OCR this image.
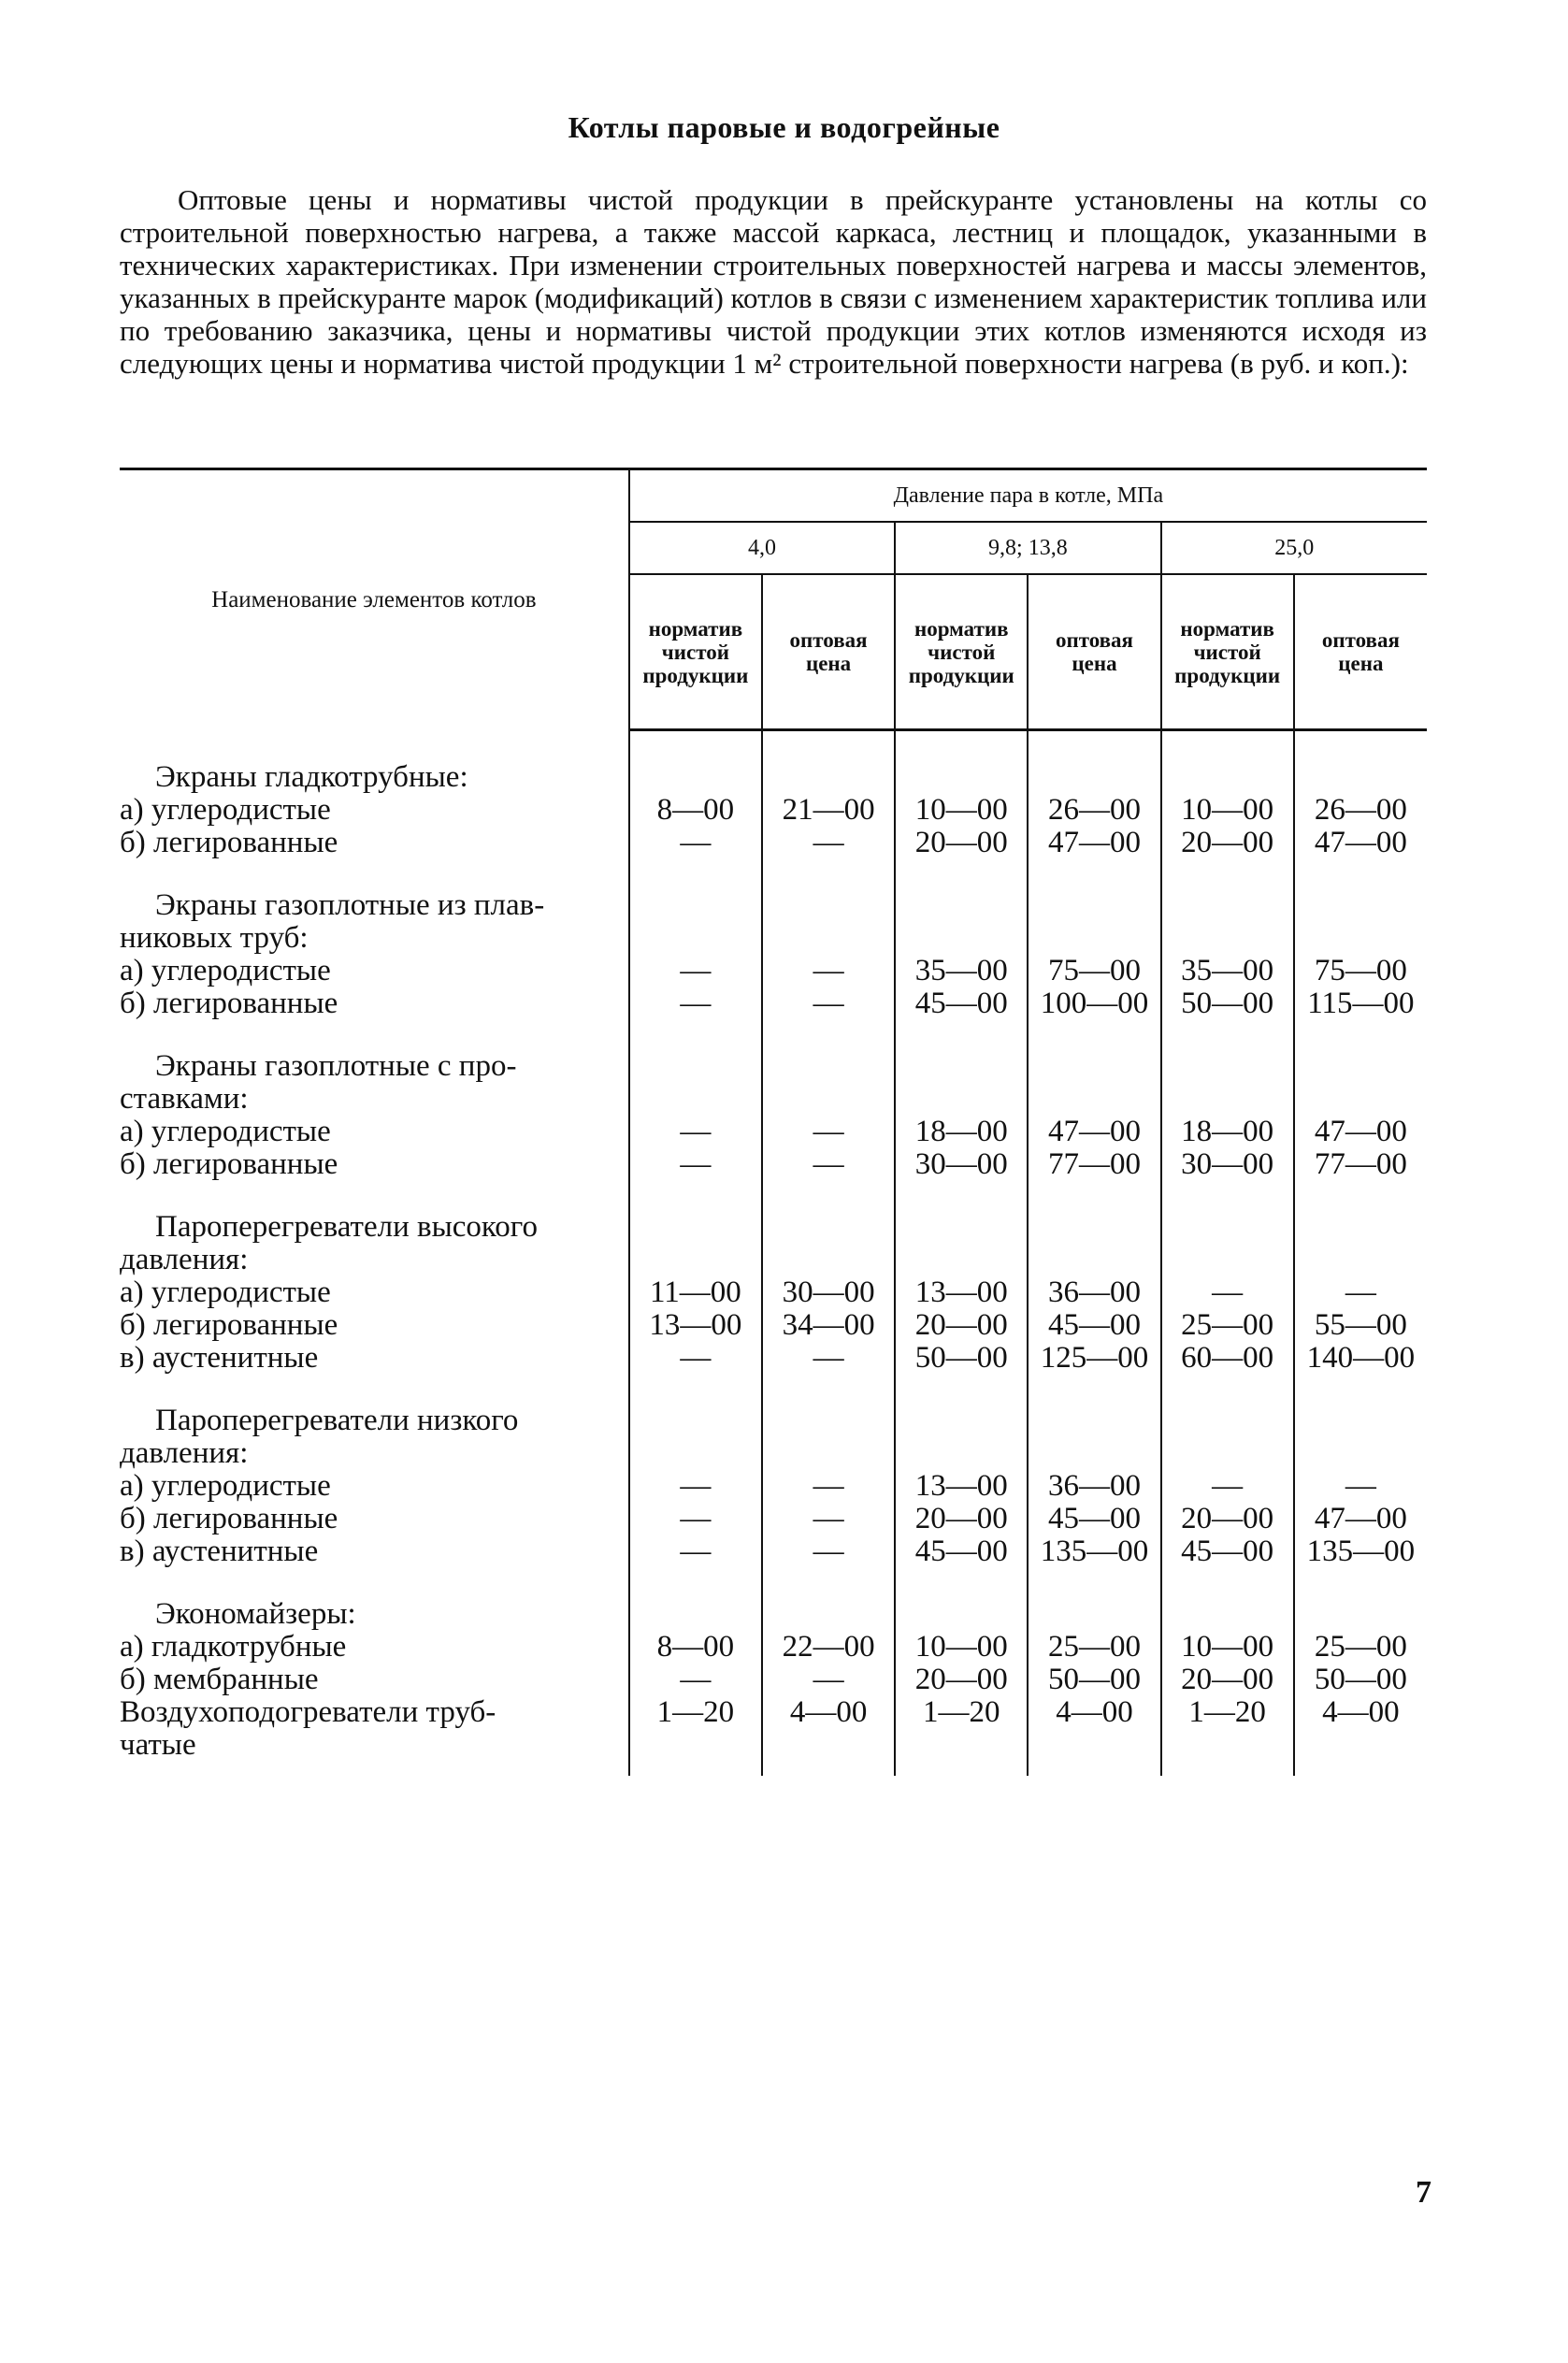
Котлы паровые и водогрейные

Оптовые цены и нормативы чистой продукции в прейскуранте установлены на котлы со строительной поверхностью нагрева, а также массой каркаса, лестниц и площадок, указанными в технических характеристиках. При изменении строительных поверхностей нагрева и массы элементов, указанных в прейскуранте марок (модификаций) котлов в связи с изменением характеристик топлива или по требованию заказчика, цены и нормативы чистой продукции этих котлов изменяются исходя из следующих цены и норматива чистой продукции 1 м² строительной поверхности нагрева (в руб. и коп.):

Наименование элементов котлов	Давление пара в котле, МПа					
	4,0		9,8; 13,8		25,0	
	норматив чистой продукции	оптовая цена	норматив чистой продукции	оптовая цена	норматив чистой продукции	оптовая цена

Экраны гладкотрубные:						

а) углеродистые	8—00	21—00	10—00	26—00	10—00	26—00
б) легированные	—	—	20—00	47—00	20—00	47—00

Экраны газоплотные из плав-						

никовых труб:						
а) углеродистые	—	—	35—00	75—00	35—00	75—00
б) легированные	—	—	45—00	100—00	50—00	115—00

Экраны газоплотные с про-						

ставками:						
а) углеродистые	—	—	18—00	47—00	18—00	47—00
б) легированные	—	—	30—00	77—00	30—00	77—00

Пароперегреватели высокого						

давления:						
а) углеродистые	11—00	30—00	13—00	36—00	—	—
б) легированные	13—00	34—00	20—00	45—00	25—00	55—00
в) аустенитные	—	—	50—00	125—00	60—00	140—00

Пароперегреватели низкого						

давления:						
а) углеродистые	—	—	13—00	36—00	—	—
б) легированные	—	—	20—00	45—00	20—00	47—00
в) аустенитные	—	—	45—00	135—00	45—00	135—00

Экономайзеры:						

а) гладкотрубные	8—00	22—00	10—00	25—00	10—00	25—00
б) мембранные	—	—	20—00	50—00	20—00	50—00
Воздухоподогреватели труб-	1—20	4—00	1—20	4—00	1—20	4—00
чатые						
7
